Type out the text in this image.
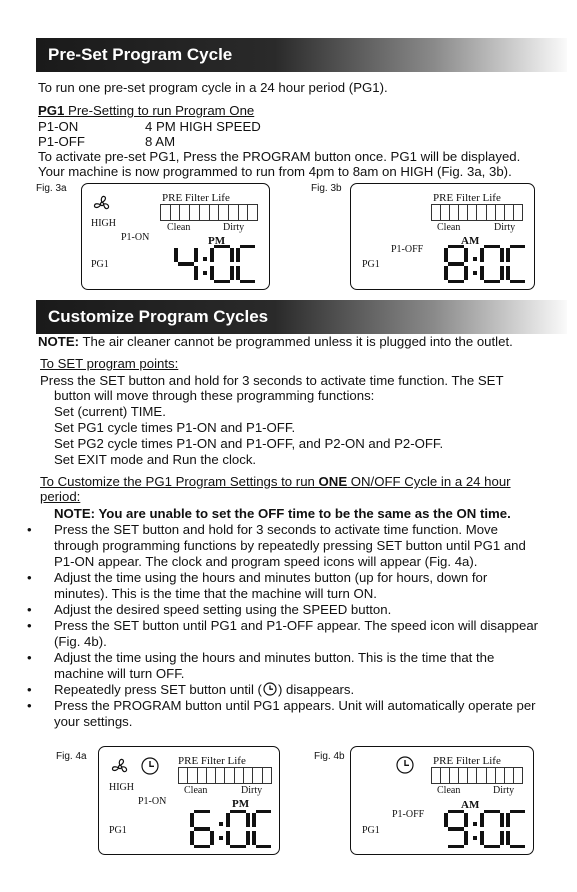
Pre-Set Program Cycle
To run one pre-set program cycle in a 24 hour period (PG1).
PG1 Pre-Setting to run Program One
P1-ON	4 PM HIGH SPEED
P1-OFF	8 AM
To activate pre-set PG1, Press the PROGRAM button once. PG1 will be displayed.
Your machine is now programmed to run from 4pm to 8am on HIGH (Fig. 3a, 3b).
Fig. 3a
HIGH
P1-ON
PRE Filter Life
Clean	Dirty
PM
PG1
Fig. 3b
P1-OFF
PRE Filter Life
Clean	Dirty
AM
PG1
Customize Program Cycles
NOTE: The air cleaner cannot be programmed unless it is plugged into the outlet.
To SET program points:
Press the SET button and hold for 3 seconds to activate time function. The SET
button will move through these programming functions:
Set (current) TIME.
Set PG1 cycle times P1-ON and P1-OFF.
Set PG2 cycle times P1-ON and P1-OFF, and P2-ON and P2-OFF.
Set EXIT mode and Run the clock.
To Customize the PG1 Program Settings to run ONE ON/OFF Cycle in a 24 hour
period:
NOTE: You are unable to set the OFF time to be the same as the ON time.
• Press the SET button and hold for 3 seconds to activate time function. Move
through programming functions by repeatedly pressing SET button until PG1 and
P1-ON appear. The clock and program speed icons will appear (Fig. 4a).
• Adjust the time using the hours and minutes button (up for hours, down for
minutes). This is the time that the machine will turn ON.
• Adjust the desired speed setting using the SPEED button.
• Press the SET button until PG1 and P1-OFF appear. The speed icon will disappear
(Fig. 4b).
• Adjust the time using the hours and minutes button. This is the time that the
machine will turn OFF.
• Repeatedly press SET button until ( ) disappears.
• Press the PROGRAM button until PG1 appears. Unit will automatically operate per
your settings.
Fig. 4a
HIGH
P1-ON
PRE Filter Life
Clean	Dirty
PM
PG1
Fig. 4b
P1-OFF
PRE Filter Life
Clean	Dirty
AM
PG1
